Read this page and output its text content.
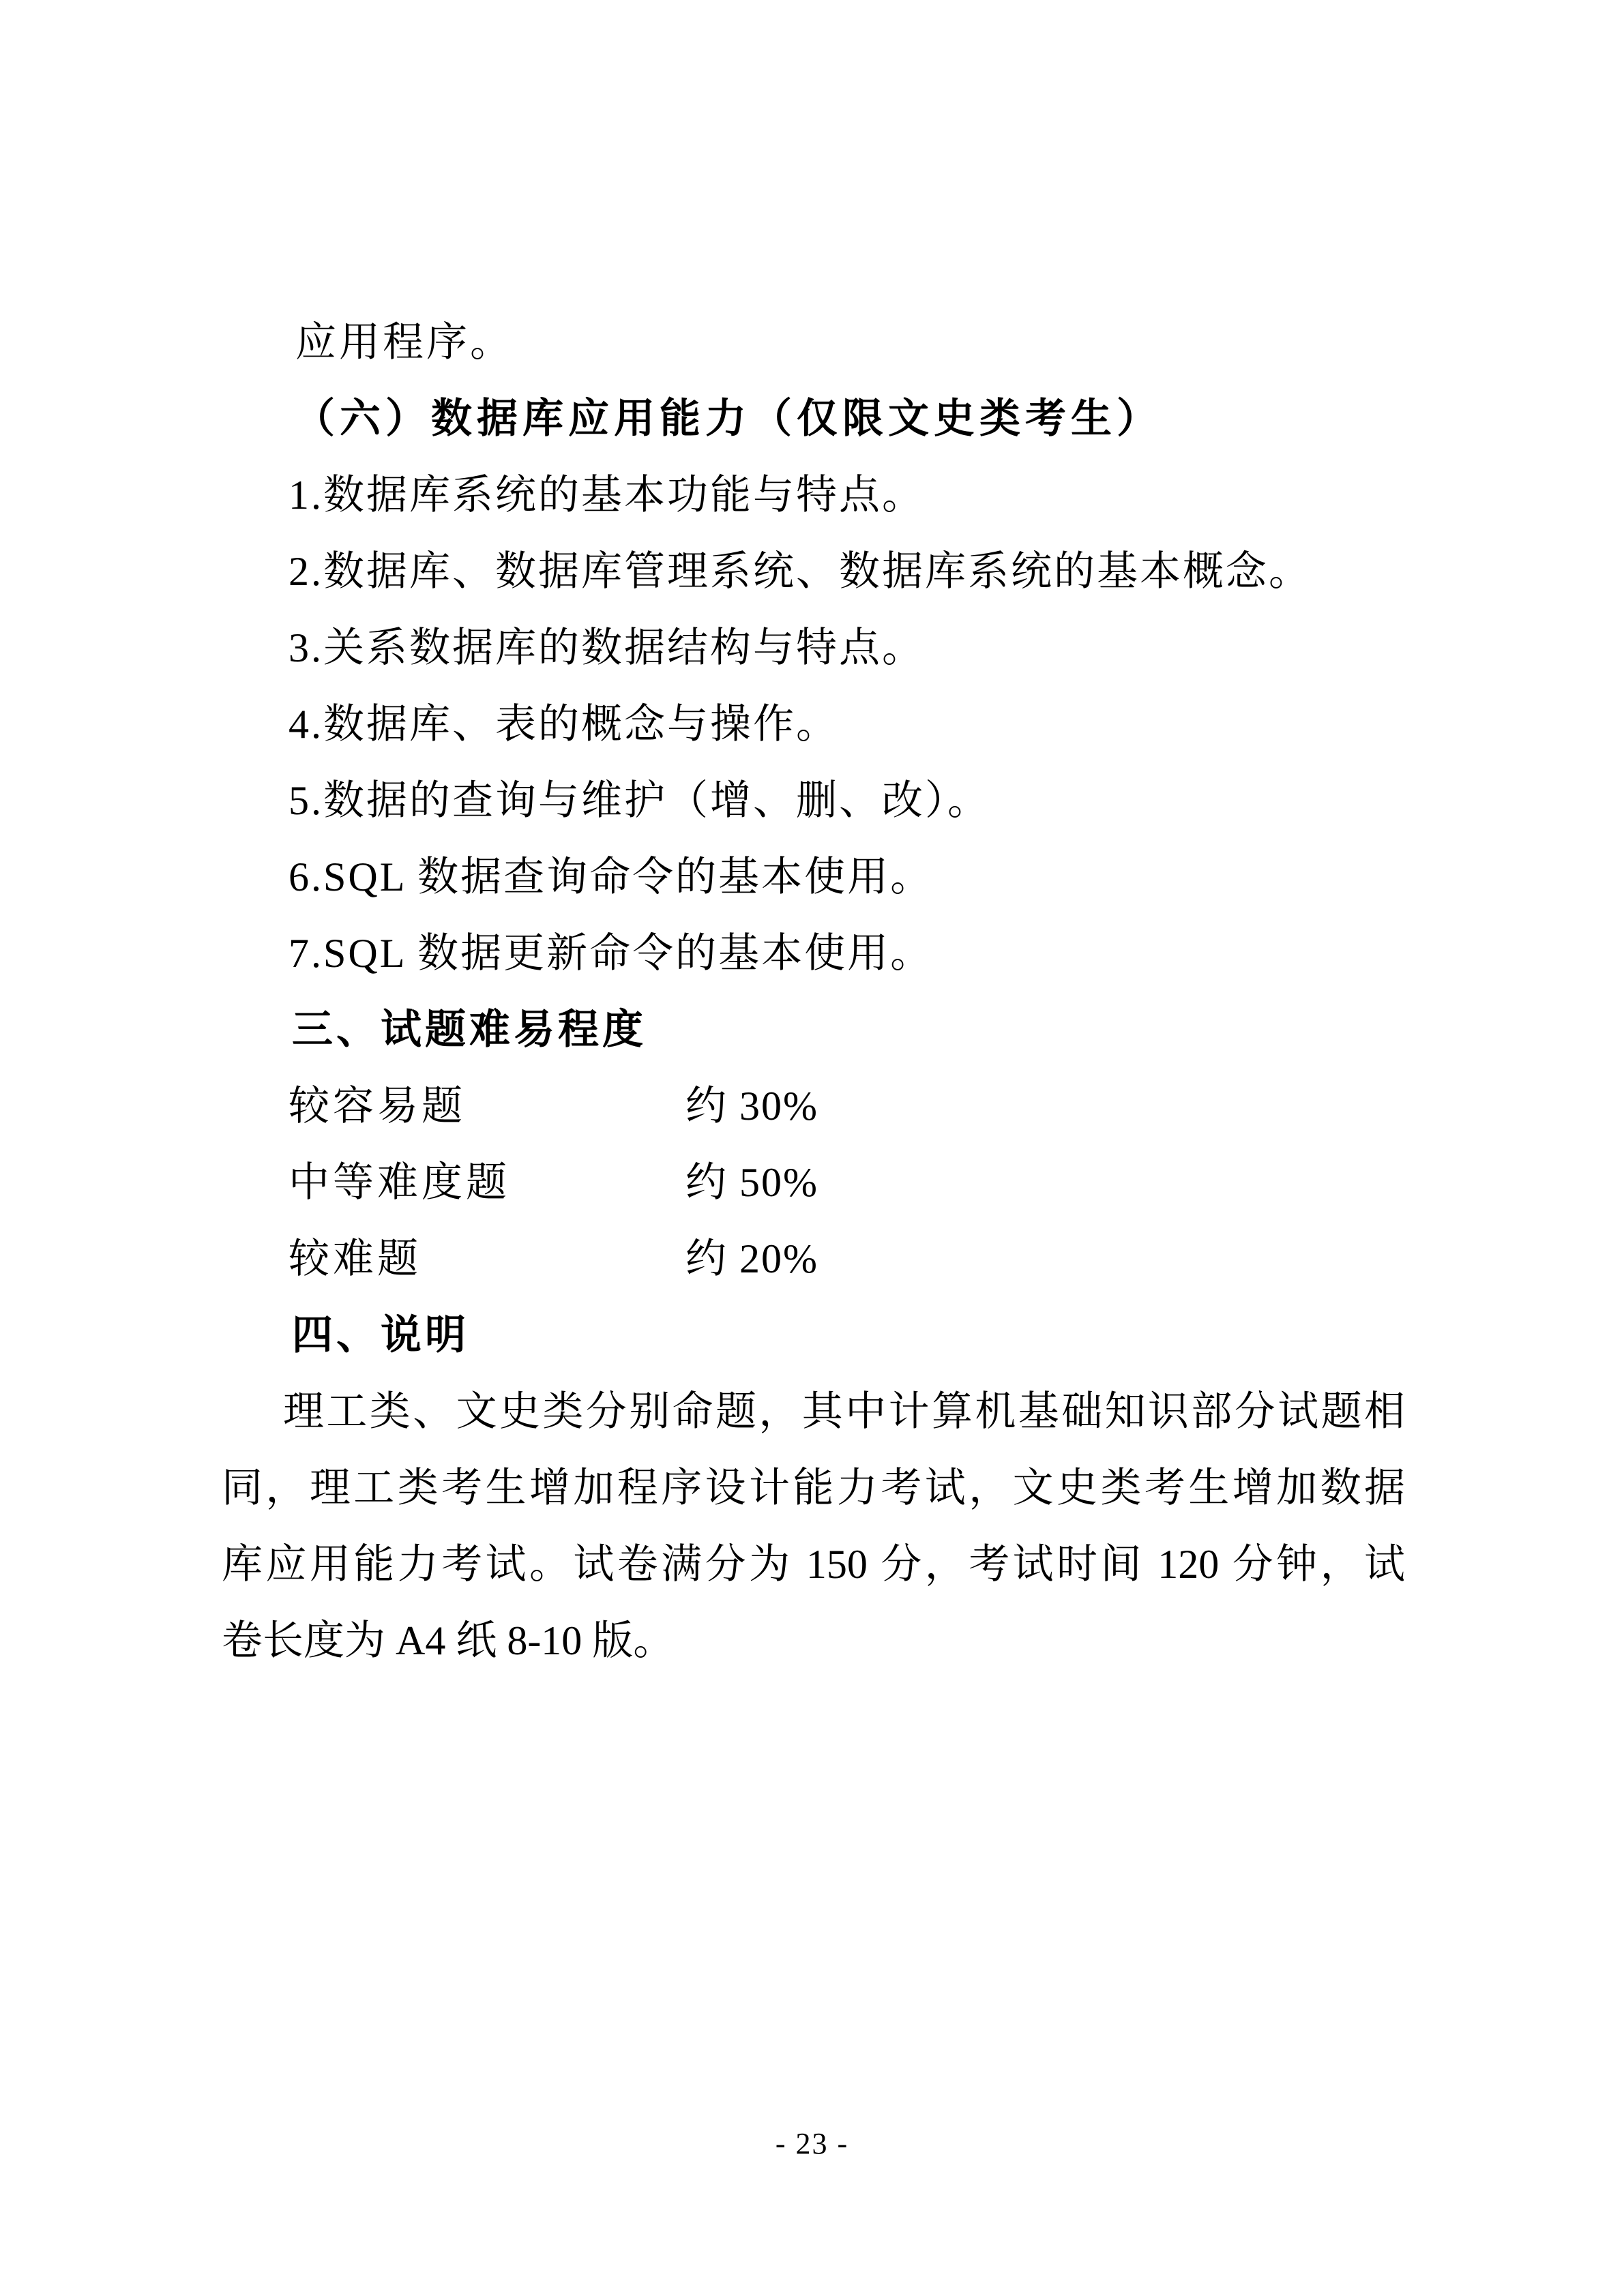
应用程序。
（六）数据库应用能力（仅限文史类考生）
1.数据库系统的基本功能与特点。
2.数据库、数据库管理系统、数据库系统的基本概念。
3.关系数据库的数据结构与特点。
4.数据库、表的概念与操作。
5.数据的查询与维护（增、删、改）。
6.SQL 数据查询命令的基本使用。
7.SQL 数据更新命令的基本使用。
三、试题难易程度
较容易题	约 30%
中等难度题	约 50%
较难题	约 20%
四、说明
理工类、文史类分别命题，其中计算机基础知识部分试题相
同，理工类考生增加程序设计能力考试，文史类考生增加数据
库应用能力考试。试卷满分为 150 分，考试时间 120 分钟，试
卷长度为 A4 纸 8-10 版。
- 23 -
